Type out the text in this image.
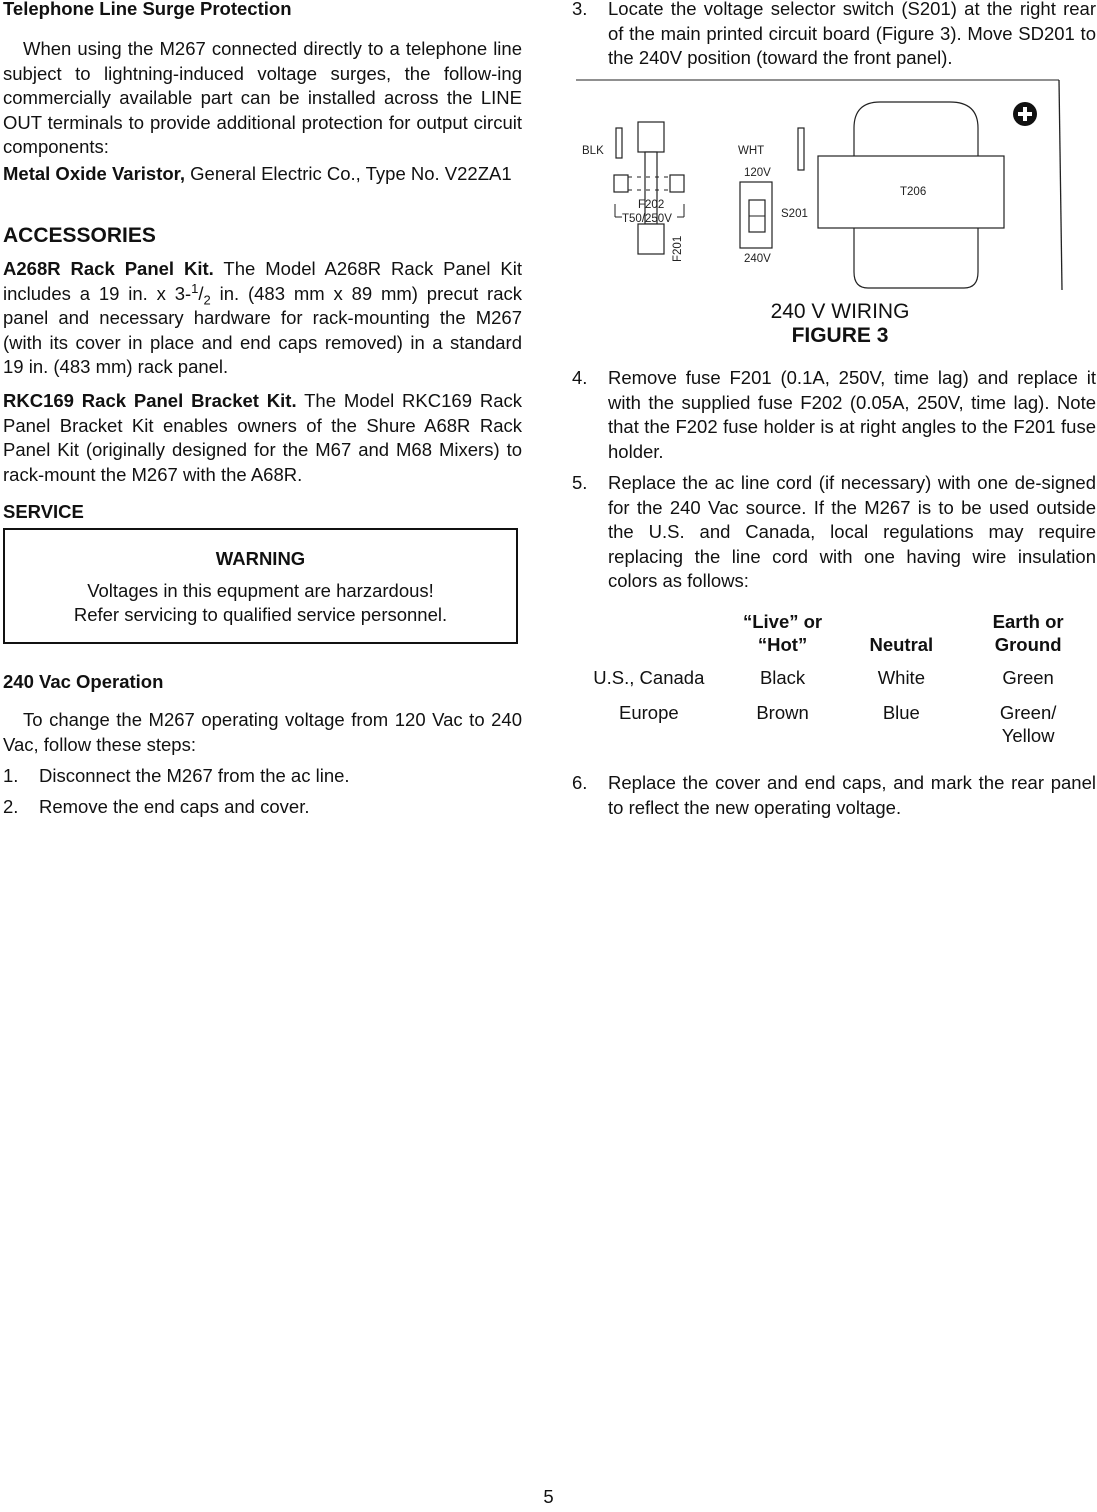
Telephone Line Surge Protection

When using the M267 connected directly to a telephone line subject to lightning-induced voltage surges, the follow-ing commercially available part can be installed across the LINE OUT terminals to provide additional protection for output circuit components:

Metal Oxide Varistor, General Electric Co., Type No. V22ZA1

ACCESSORIES

A268R Rack Panel Kit. The Model A268R Rack Panel Kit includes a 19 in. x $3-^1/_2$ in. (483 mm x 89 mm) precut rack panel and necessary hardware for rack-mounting the M267 (with its cover in place and end caps removed) in a standard 19 in. (483 mm) rack panel.

RKC169 Rack Panel Bracket Kit. The Model RKC169 Rack Panel Bracket Kit enables owners of the Shure A68R Rack Panel Kit (originally designed for the M67 and M68 Mixers) to rack-mount the M267 with the A68R.

SERVICE
WARNING
Voltages in this equpment are harzardous!
Refer servicing to qualified service personnel.
240 Vac Operation

To change the M267 operating voltage from 120 Vac to 240 Vac, follow these steps:

1. Disconnect the M267 from the ac line.
2. Remove the end caps and cover.
3. Locate the voltage selector switch (S201) at the right rear of the main printed circuit board (Figure 3). Move SD201 to the 240V position (toward the front panel).
BLK
F202
T50/250V
F201
WHT
120V
240V
S201
T206
240 V WIRING
FIGURE 3
4. Remove fuse F201 (0.1A, 250V, time lag) and replace it with the supplied fuse F202 (0.05A, 250V, time lag). Note that the F202 fuse holder is at right angles to the F201 fuse holder.
5. Replace the ac line cord (if necessary) with one de-signed for the 240 Vac source. If the M267 is to be used outside the U.S. and Canada, local regulations may require replacing the line cord with one having wire insulation colors as follows:
	“Live” or
“Hot”	Neutral	Earth or
Ground
U.S., Canada	Black	White	Green
Europe	Brown	Blue	Green/
Yellow
6. Replace the cover and end caps, and mark the rear panel to reflect the new operating voltage.
5
